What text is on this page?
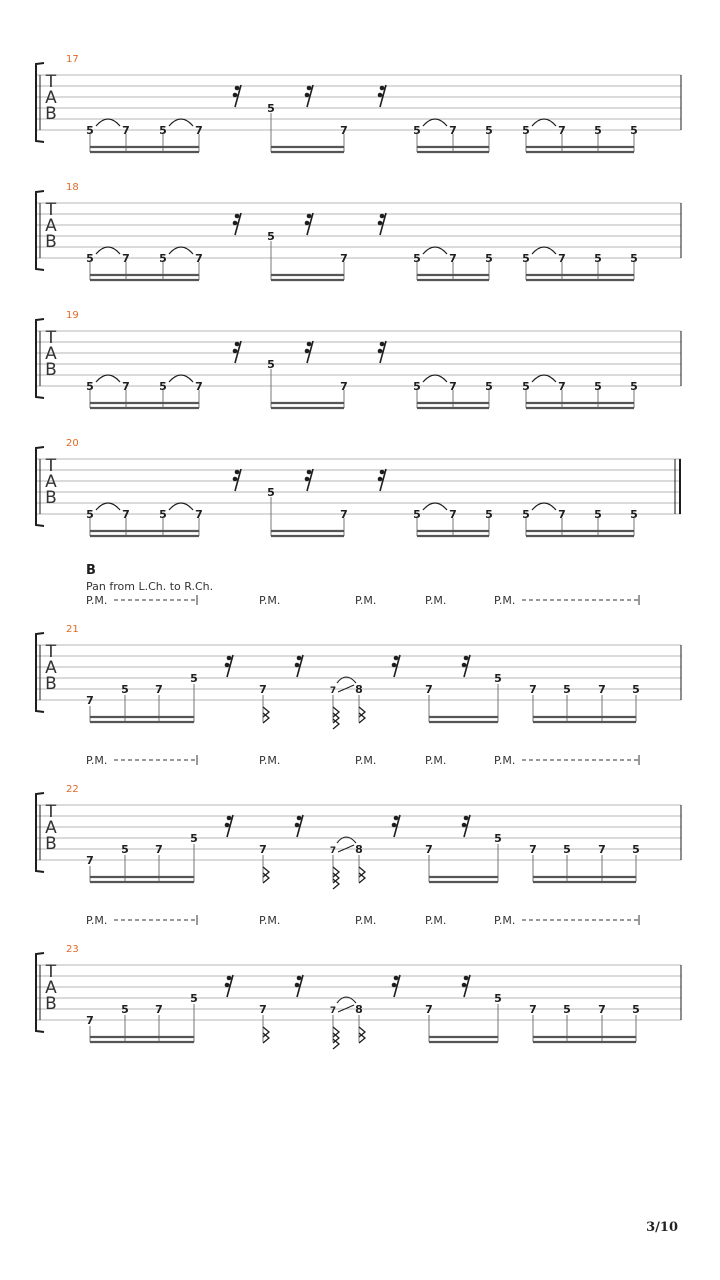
17
T
A
B
5	7	5	7
5
7	5	7	5	5	7	5	5
18
T
A
B
5	7	5	7
5
7	5	7	5	5	7	5	5
19
T
A
B
5	7	5	7
5
7	5	7	5	5	7	5	5
20
T
A
B
5	7	5	7
5
7	5	7	5	5	7	5	5
P.M.	P.M.	P.M.	P.M.	P.M.
B
Pan from L.Ch. to R.Ch.
21
T
A
B
7
5 7
5
7	7 8	7
5
7 5 7 5
P.M.	P.M.	P.M.	P.M.	P.M.
22
T
A
B
7
5 7
5
7	7 8	7
5
7 5 7 5
P.M.	P.M.	P.M.	P.M.	P.M.
23
T
A
B
7
5 7
5
7	7 8	7
5
7 5 7 5
3/10
